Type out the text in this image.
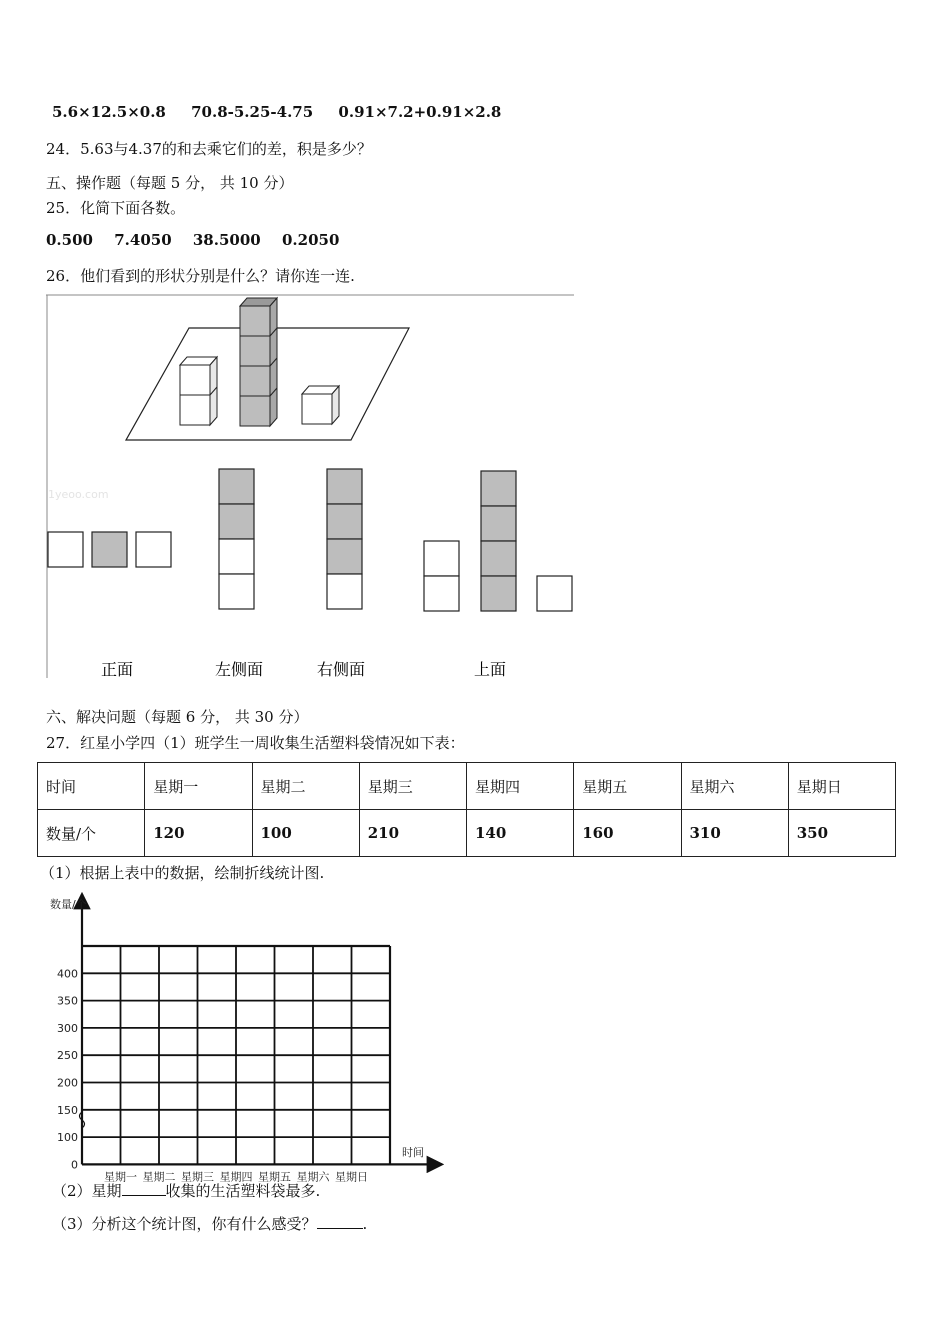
5.6×12.5×0.8 70.8-5.25-4.75 0.91×7.2+0.91×2.8
24．5.63与4.37的和去乘它们的差，积是多少？
五、操作题（每题 5 分， 共 10 分）
25．化简下面各数。
0.500 7.4050 38.5000 0.2050
26．他们看到的形状分别是什么？请你连一连.
1yeoo.com
正面	左侧面	右侧面	上面
六、解决问题（每题 6 分， 共 30 分）
27．红星小学四（1）班学生一周收集生活塑料袋情况如下表：
时间	星期一	星期二	星期三	星期四	星期五	星期六	星期日
数量/个	120	100	210	140	160	310	350
（1）根据上表中的数据，绘制折线统计图.
0
100
150
200
250
300
350
400
星期一 星期二 星期三 星期四 星期五 星期六 星期日
数量/个
时间
（2）星期	收集的生活塑料袋最多.
（3）分析这个统计图，你有什么感受？	.
